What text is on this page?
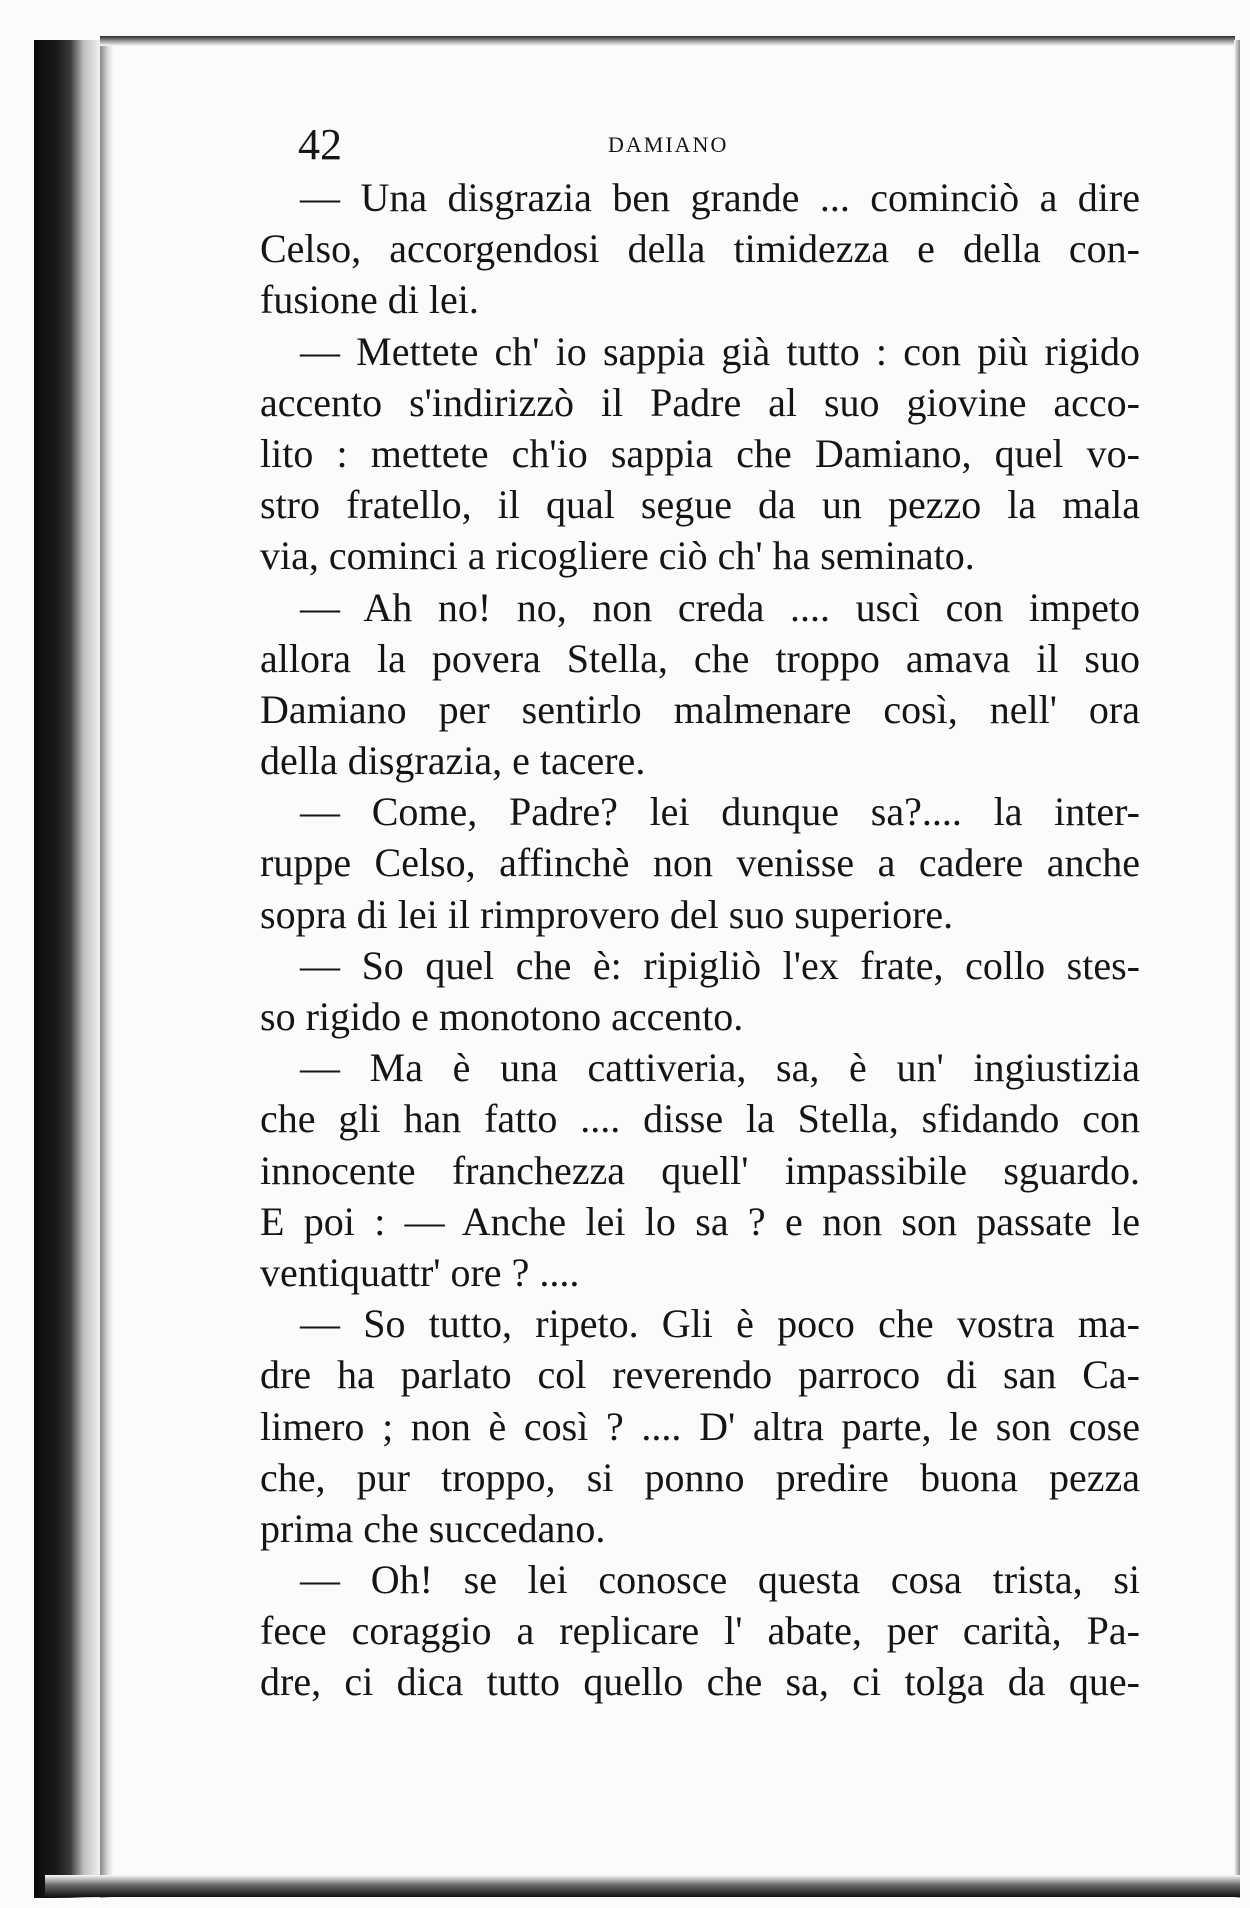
42	DAMIANO
— Una disgrazia ben grande ... cominciò a dire
Celso, accorgendosi della timidezza e della con-
fusione di lei.
— Mettete ch' io sappia già tutto : con più rigido
accento s'indirizzò il Padre al suo giovine acco-
lito : mettete ch'io sappia che Damiano, quel vo-
stro fratello, il qual segue da un pezzo la mala
via, cominci a ricogliere ciò ch' ha seminato.
— Ah no! no, non creda .... uscì con impeto
allora la povera Stella, che troppo amava il suo
Damiano per sentirlo malmenare così, nell' ora
della disgrazia, e tacere.
— Come, Padre? lei dunque sa?.... la inter-
ruppe Celso, affinchè non venisse a cadere anche
sopra di lei il rimprovero del suo superiore.
— So quel che è: ripigliò l'ex frate, collo stes-
so rigido e monotono accento.
— Ma è una cattiveria, sa, è un' ingiustizia
che gli han fatto .... disse la Stella, sfidando con
innocente franchezza quell' impassibile sguardo.
E poi : — Anche lei lo sa ? e non son passate le
ventiquattr' ore ? ....
— So tutto, ripeto. Gli è poco che vostra ma-
dre ha parlato col reverendo parroco di san Ca-
limero ; non è così ? .... D' altra parte, le son cose
che, pur troppo, si ponno predire buona pezza
prima che succedano.
— Oh! se lei conosce questa cosa trista, si
fece coraggio a replicare l' abate, per carità, Pa-
dre, ci dica tutto quello che sa, ci tolga da que-
